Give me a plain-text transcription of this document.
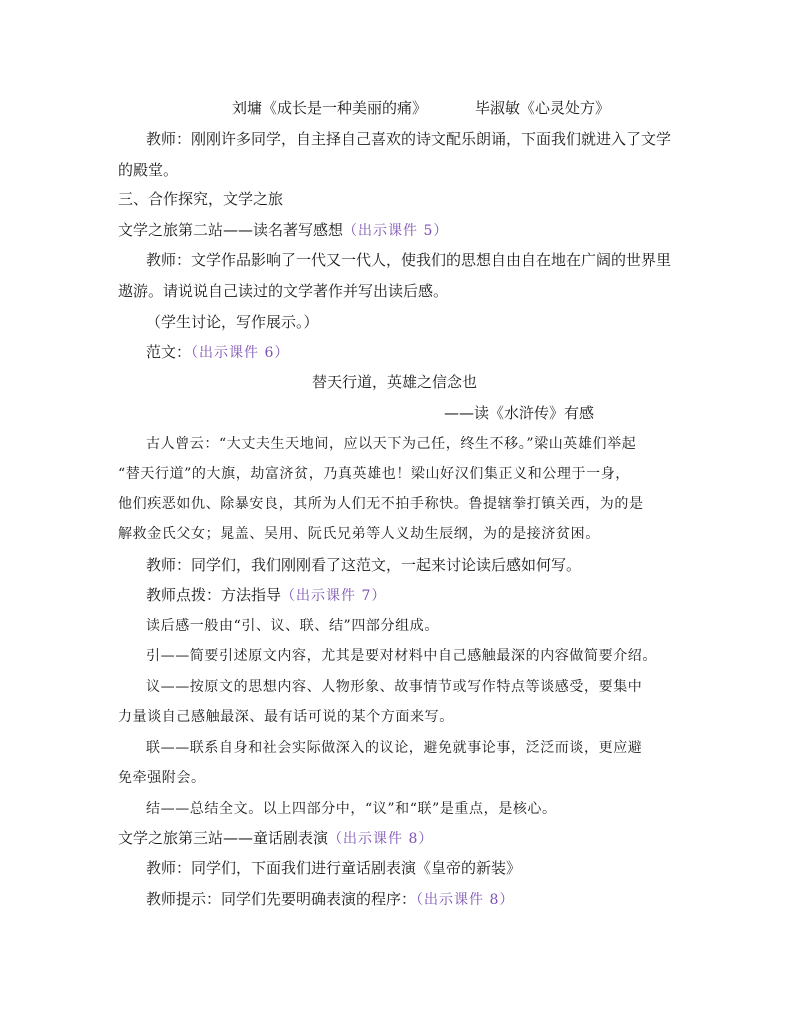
刘墉《成长是一种美丽的痛》	毕淑敏《心灵处方》
教师：刚刚许多同学，自主择自己喜欢的诗文配乐朗诵，下面我们就进入了文学
的殿堂。
三、合作探究，文学之旅
文学之旅第二站——读名著写感想（出示课件 5）
教师：文学作品影响了一代又一代人，使我们的思想自由自在地在广阔的世界里
遨游。请说说自己读过的文学著作并写出读后感。
（学生讨论，写作展示。）
范文：（出示课件 6）
替天行道，英雄之信念也
——读《水浒传》有感
古人曾云：“大丈夫生天地间，应以天下为己任，终生不移。”梁山英雄们举起
“替天行道”的大旗，劫富济贫，乃真英雄也！梁山好汉们集正义和公理于一身，
他们疾恶如仇、除暴安良，其所为人们无不拍手称快。鲁提辖拳打镇关西，为的是
解救金氏父女；晁盖、吴用、阮氏兄弟等人义劫生辰纲，为的是接济贫困。
教师：同学们，我们刚刚看了这范文，一起来讨论读后感如何写。
教师点拨：方法指导（出示课件 7）
读后感一般由“引、议、联、结”四部分组成。
引——简要引述原文内容，尤其是要对材料中自己感触最深的内容做简要介绍。
议——按原文的思想内容、人物形象、故事情节或写作特点等谈感受，要集中
力量谈自己感触最深、最有话可说的某个方面来写。
联——联系自身和社会实际做深入的议论，避免就事论事，泛泛而谈，更应避
免牵强附会。
结——总结全文。以上四部分中，“议”和“联”是重点，是核心。
文学之旅第三站——童话剧表演（出示课件 8）
教师：同学们，下面我们进行童话剧表演《皇帝的新装》
教师提示：同学们先要明确表演的程序：（出示课件 8）
